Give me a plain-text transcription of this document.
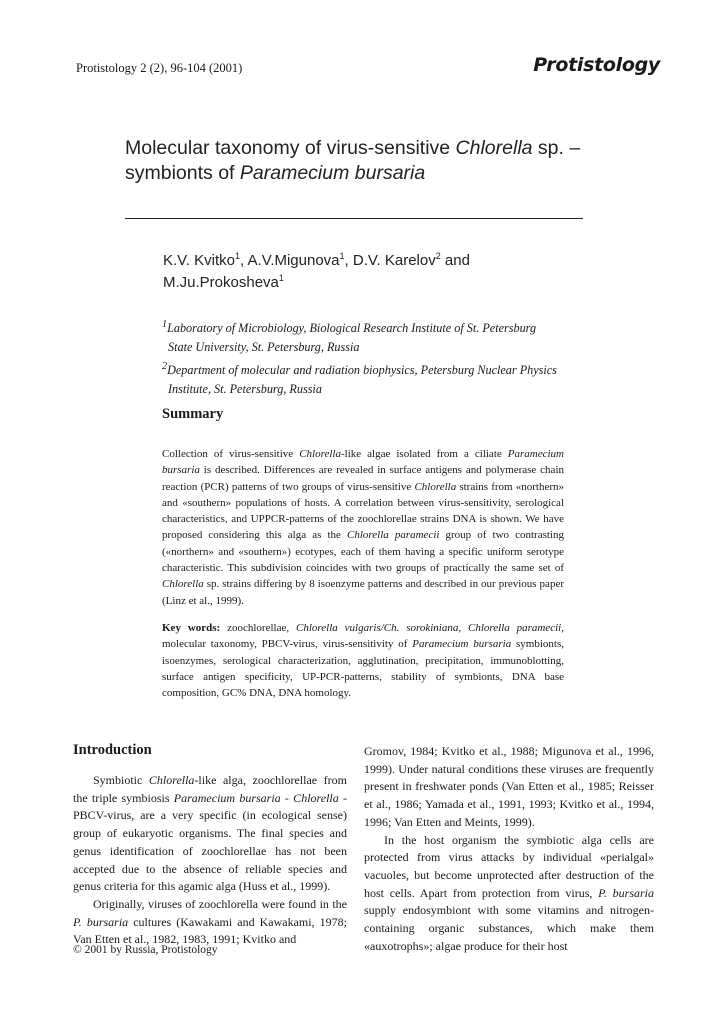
Protistology 2 (2), 96-104 (2001)	Protistology
Molecular taxonomy of virus-sensitive Chlorella sp. – symbionts of Paramecium bursaria
K.V. Kvitko$^1$, A.V.Migunova$^1$, D.V. Karelov$^2$ and
M.Ju.Prokosheva$^1$
$^1$Laboratory of Microbiology, Biological Research Institute of St. Petersburg
State University, St. Petersburg, Russia
$^2$Department of molecular and radiation biophysics, Petersburg Nuclear Physics
Institute, St. Petersburg, Russia
Summary
Collection of virus-sensitive Chlorella-like algae isolated from a ciliate Paramecium bursaria is described. Differences are revealed in surface antigens and polymerase chain reaction (PCR) patterns of two groups of virus-sensitive Chlorella strains from «northern» and «southern» populations of hosts. A correlation between virus-sensitivity, serological characteristics, and UPPCR-patterns of the zoochlorellae strains DNA is shown. We have proposed considering this alga as the Chlorella paramecii group of two contrasting («northern» and «southern») ecotypes, each of them having a specific uniform serotype characteristic. This subdivision coincides with two groups of practically the same set of Chlorella sp. strains differing by 8 isoenzyme patterns and described in our previous paper (Linz et al., 1999).
Key words: zoochlorellae, Chlorella vulgaris/Ch. sorokiniana, Chlorella paramecii, molecular taxonomy, PBCV-virus, virus-sensitivity of Paramecium bursaria symbionts, isoenzymes, serological characterization, agglutination, precipitation, immunoblotting, surface antigen specificity, UP-PCR-patterns, stability of symbionts, DNA base composition, GC% DNA, DNA homology.
Introduction

Symbiotic Chlorella-like alga, zoochlorellae from the triple symbiosis Paramecium bursaria - Chlorella - PBCV-virus, are a very specific (in ecological sense) group of eukaryotic organisms. The final species and genus identification of zoochlorellae has not been accepted due to the absence of reliable species and genus criteria for this agamic alga (Huss et al., 1999).

Originally, viruses of zoochlorella were found in the P. bursaria cultures (Kawakami and Kawakami, 1978; Van Etten et al., 1982, 1983, 1991; Kvitko and

Gromov, 1984; Kvitko et al., 1988; Migunova et al., 1996, 1999). Under natural conditions these viruses are frequently present in freshwater ponds (Van Etten et al., 1985; Reisser et al., 1986; Yamada et al., 1991, 1993; Kvitko et al., 1994, 1996; Van Etten and Meints, 1999).

In the host organism the symbiotic alga cells are protected from virus attacks by individual «perialgal» vacuoles, but become unprotected after destruction of the host cells. Apart from protection from virus, P. bursaria supply endosymbiont with some vitamins and nitrogen-containing organic substances, which make them «auxotrophs»; algae produce for their host

© 2001 by Russia, Protistology
